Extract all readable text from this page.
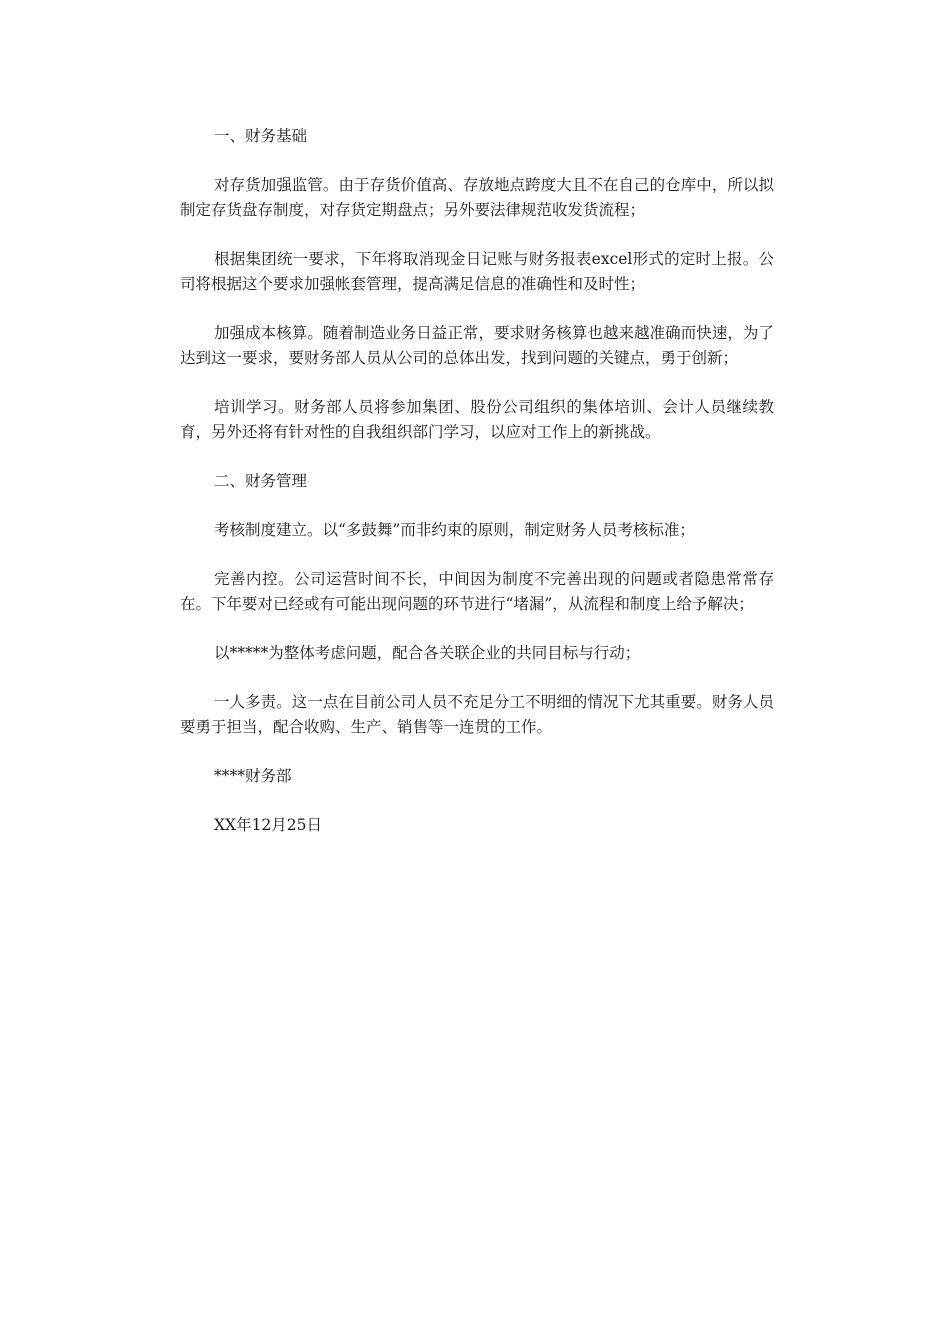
一、财务基础

对存货加强监管。由于存货价值高、存放地点跨度大且不在自己的仓库中，所以拟制定存货盘存制度，对存货定期盘点；另外要法律规范收发货流程；

根据集团统一要求，下年将取消现金日记账与财务报表excel形式的定时上报。公司将根据这个要求加强帐套管理，提高满足信息的准确性和及时性；

加强成本核算。随着制造业务日益正常，要求财务核算也越来越准确而快速，为了达到这一要求，要财务部人员从公司的总体出发，找到问题的关键点，勇于创新；

培训学习。财务部人员将参加集团、股份公司组织的集体培训、会计人员继续教育，另外还将有针对性的自我组织部门学习，以应对工作上的新挑战。

二、财务管理

考核制度建立。以“多鼓舞”而非约束的原则，制定财务人员考核标准；

完善内控。公司运营时间不长，中间因为制度不完善出现的问题或者隐患常常存在。下年要对已经或有可能出现问题的环节进行“堵漏”，从流程和制度上给予解决；

以*****为整体考虑问题，配合各关联企业的共同目标与行动；

一人多责。这一点在目前公司人员不充足分工不明细的情况下尤其重要。财务人员要勇于担当，配合收购、生产、销售等一连贯的工作。

****财务部

XX年12月25日
